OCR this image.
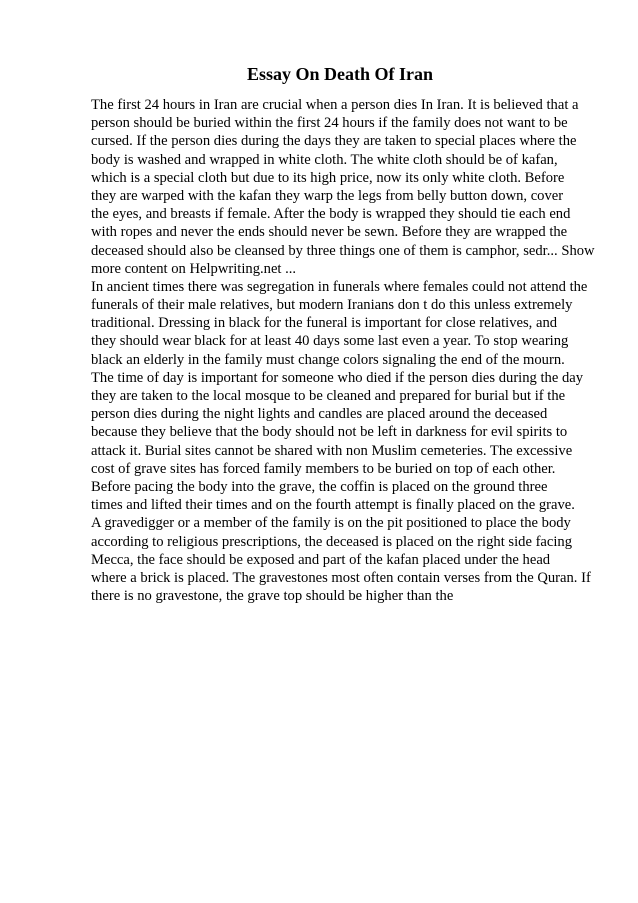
Essay On Death Of Iran
The first 24 hours in Iran are crucial when a person dies In Iran. It is believed that a
person should be buried within the first 24 hours if the family does not want to be
cursed. If the person dies during the days they are taken to special places where the
body is washed and wrapped in white cloth. The white cloth should be of kafan,
which is a special cloth but due to its high price, now its only white cloth. Before
they are warped with the kafan they warp the legs from belly button down, cover
the eyes, and breasts if female. After the body is wrapped they should tie each end
with ropes and never the ends should never be sewn. Before they are wrapped the
deceased should also be cleansed by three things one of them is camphor, sedr... Show
more content on Helpwriting.net ...
In ancient times there was segregation in funerals where females could not attend the
funerals of their male relatives, but modern Iranians don t do this unless extremely
traditional. Dressing in black for the funeral is important for close relatives, and
they should wear black for at least 40 days some last even a year. To stop wearing
black an elderly in the family must change colors signaling the end of the mourn.
The time of day is important for someone who died if the person dies during the day
they are taken to the local mosque to be cleaned and prepared for burial but if the
person dies during the night lights and candles are placed around the deceased
because they believe that the body should not be left in darkness for evil spirits to
attack it. Burial sites cannot be shared with non Muslim cemeteries. The excessive
cost of grave sites has forced family members to be buried on top of each other.
Before pacing the body into the grave, the coffin is placed on the ground three
times and lifted their times and on the fourth attempt is finally placed on the grave.
A gravedigger or a member of the family is on the pit positioned to place the body
according to religious prescriptions, the deceased is placed on the right side facing
Mecca, the face should be exposed and part of the kafan placed under the head
where a brick is placed. The gravestones most often contain verses from the Quran. If
there is no gravestone, the grave top should be higher than the
